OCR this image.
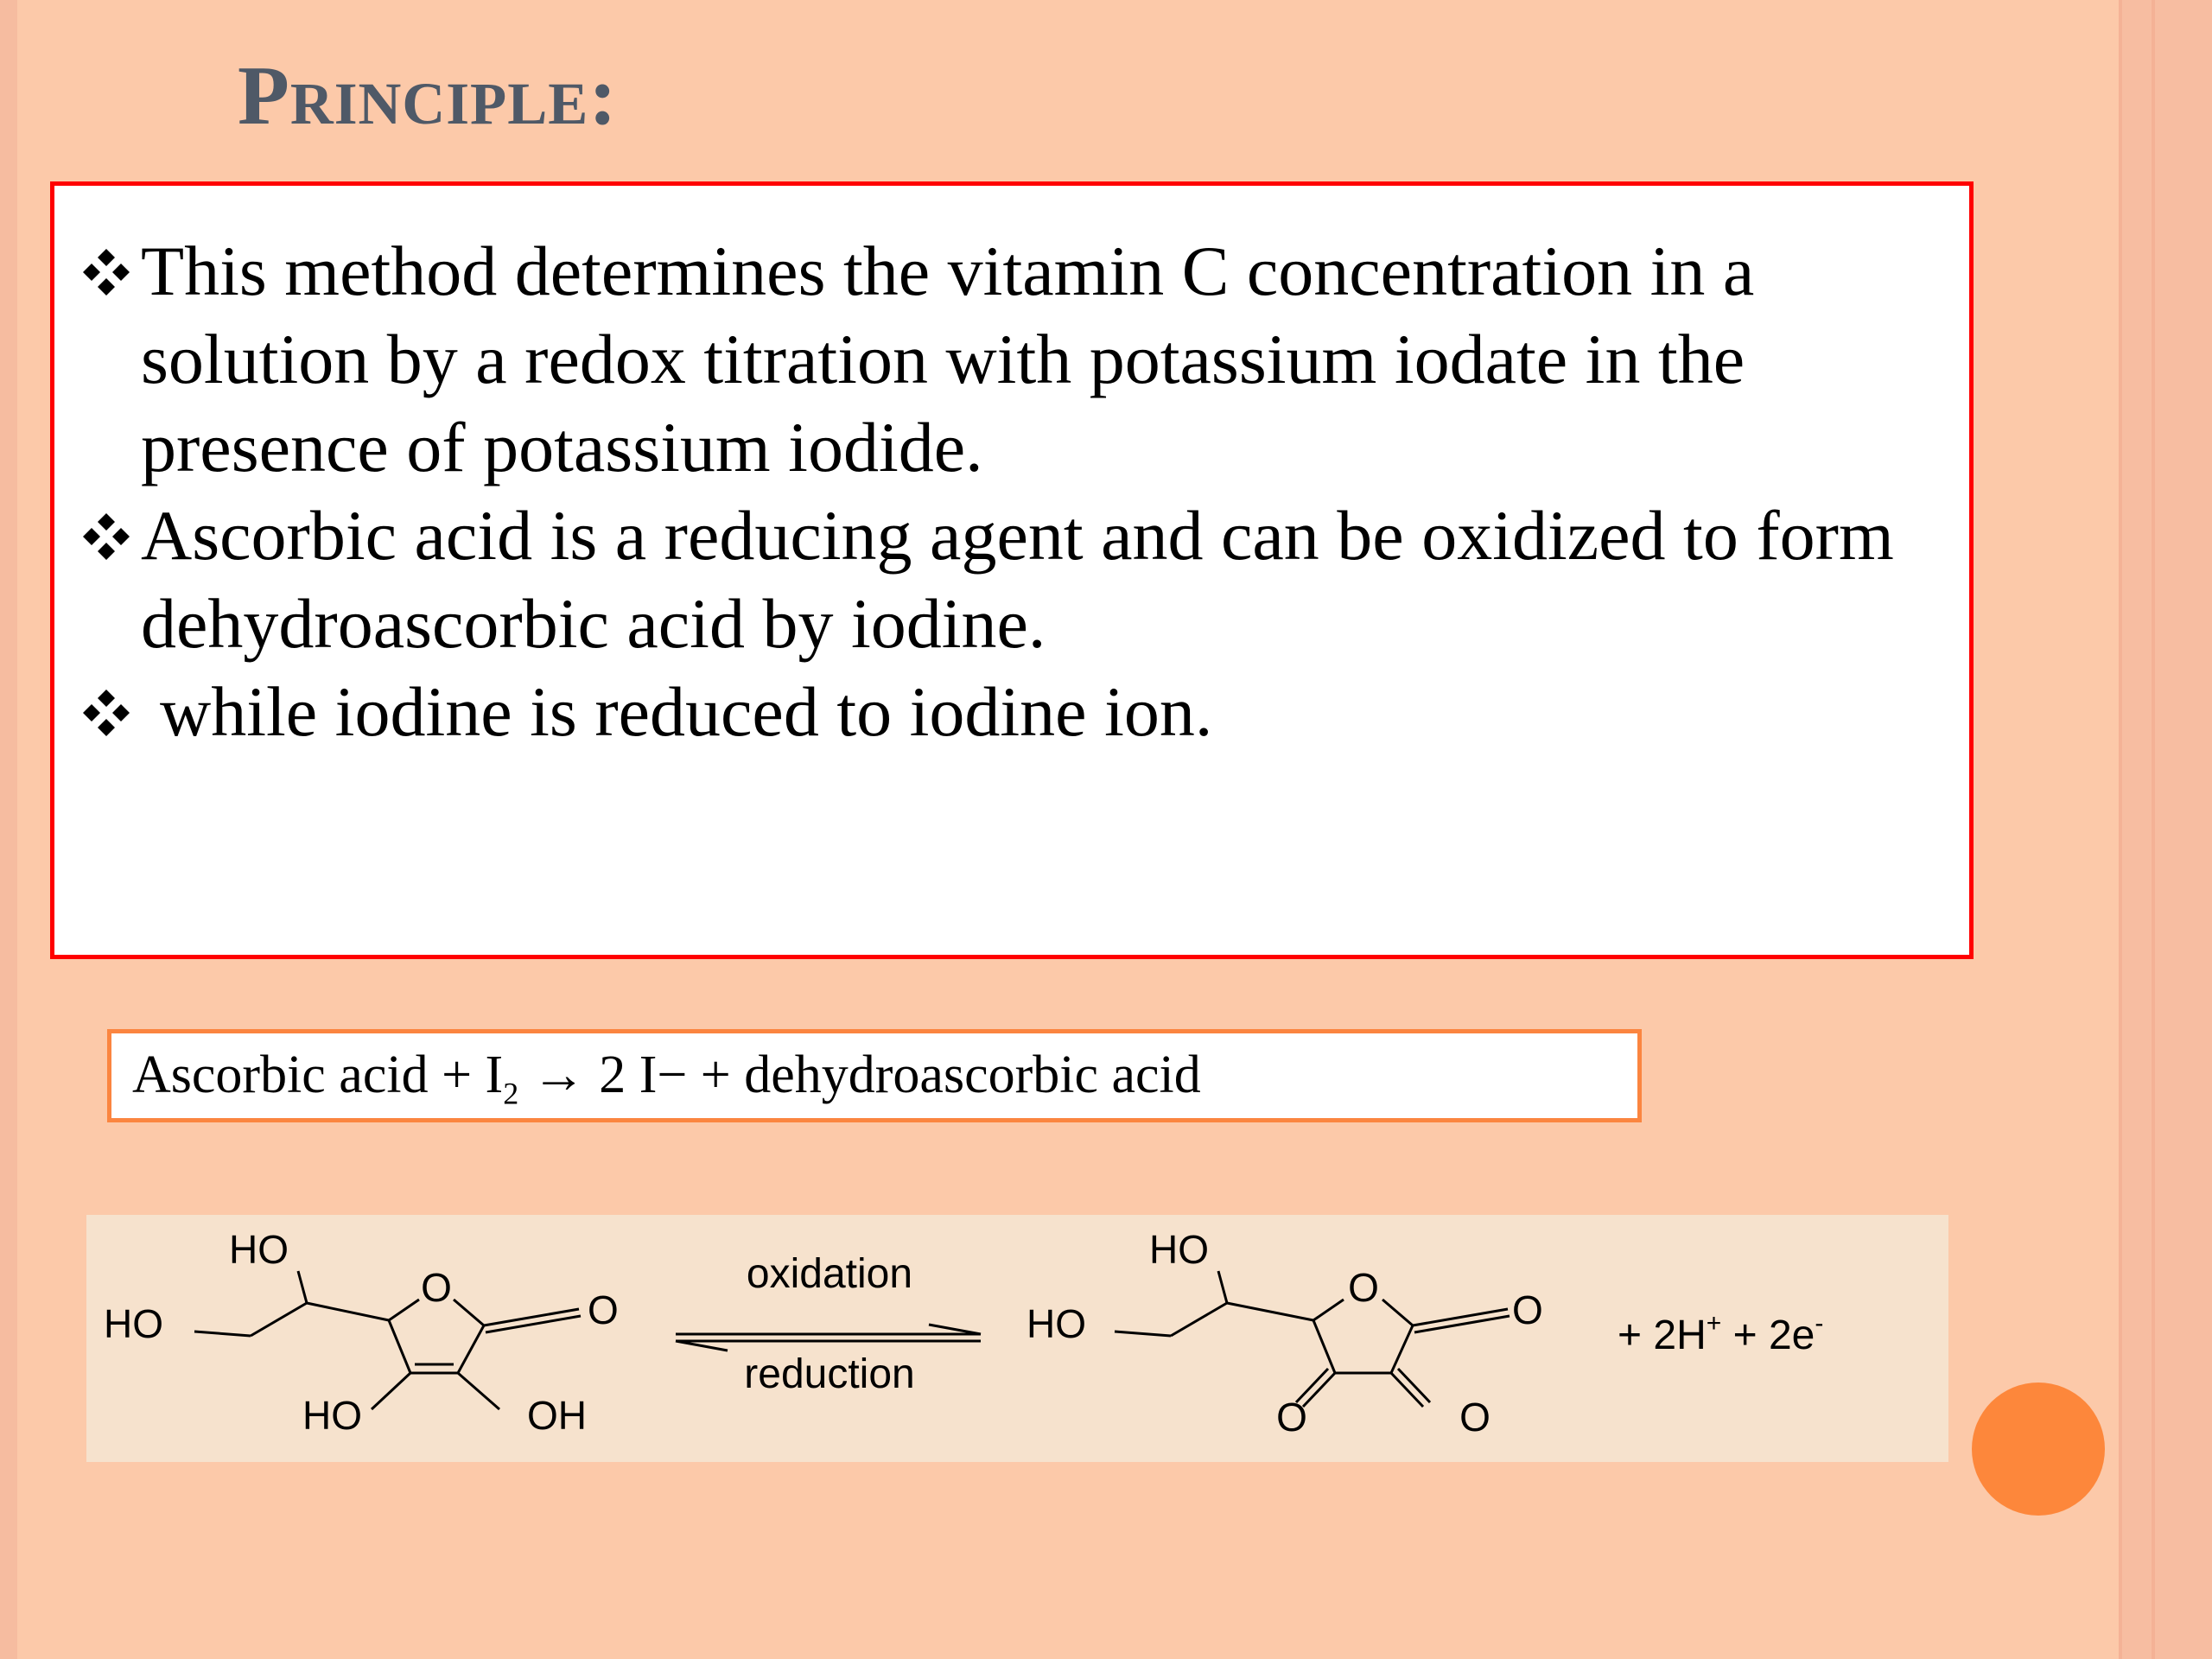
Principle:
This method determines the vitamin C concentration in a solution by a redox titration with potassium iodate in the presence of potassium iodide.
Ascorbic acid is a reducing agent and can be oxidized to form dehydroascorbic acid by iodine.
while iodine is reduced to iodine ion.
Ascorbic acid + $I_2 \to 2$ I− + dehydroascorbic acid
HO
HO
HO	OH
O	O
oxidation
reduction
HO
HO
O	O
O	O
+ 2H+ + 2e-
